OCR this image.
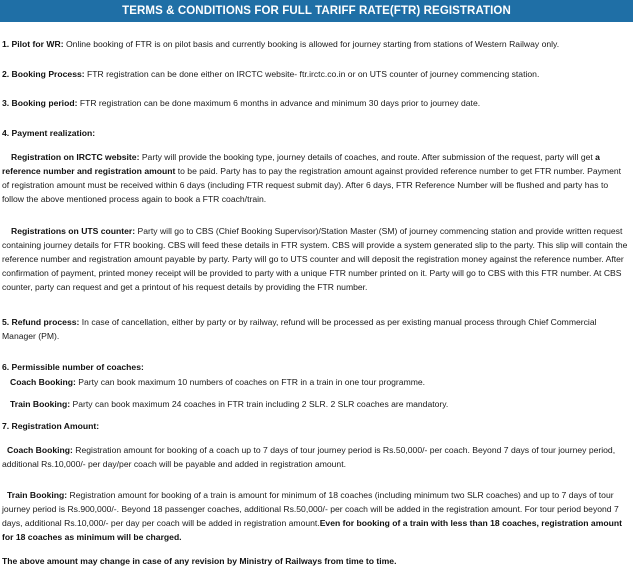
TERMS & CONDITIONS FOR FULL TARIFF RATE(FTR) REGISTRATION

1. Pilot for WR: Online booking of FTR is on pilot basis and currently booking is allowed for journey starting from stations of Western Railway only.

2. Booking Process: FTR registration can be done either on IRCTC website- ftr.irctc.co.in or on UTS counter of journey commencing station.

3. Booking period: FTR registration can be done maximum 6 months in advance and minimum 30 days prior to journey date.

4. Payment realization:

Registration on IRCTC website: Party will provide the booking type, journey details of coaches, and route. After submission of the request, party will get a reference number and registration amount to be paid. Party has to pay the registration amount against provided reference number to get FTR number. Payment of registration amount must be received within 6 days (including FTR request submit day). After 6 days, FTR Reference Number will be flushed and party has to follow the above mentioned process again to book a FTR coach/train.

Registrations on UTS counter: Party will go to CBS (Chief Booking Supervisor)/Station Master (SM) of journey commencing station and provide written request containing journey details for FTR booking. CBS will feed these details in FTR system. CBS will provide a system generated slip to the party. This slip will contain the reference number and registration amount payable by party. Party will go to UTS counter and will deposit the registration money against the reference number. After confirmation of payment, printed money receipt will be provided to party with a unique FTR number printed on it. Party will go to CBS with this FTR number. At CBS counter, party can request and get a printout of his request details by providing the FTR number.

5. Refund process: In case of cancellation, either by party or by railway, refund will be processed as per existing manual process through Chief Commercial Manager (PM).

6. Permissible number of coaches:

Coach Booking: Party can book maximum 10 numbers of coaches on FTR in a train in one tour programme.

Train Booking: Party can book maximum 24 coaches in FTR train including 2 SLR. 2 SLR coaches are mandatory.

7. Registration Amount:

Coach Booking: Registration amount for booking of a coach up to 7 days of tour journey period is Rs.50,000/- per coach. Beyond 7 days of tour journey period, additional Rs.10,000/- per day/per coach will be payable and added in registration amount.

Train Booking: Registration amount for booking of a train is amount for minimum of 18 coaches (including minimum two SLR coaches) and up to 7 days of tour journey period is Rs.900,000/-. Beyond 18 passenger coaches, additional Rs.50,000/- per coach will be added in the registration amount. For tour period beyond 7 days, additional Rs.10,000/- per day per coach will be added in registration amount.Even for booking of a train with less than 18 coaches, registration amount for 18 coaches as minimum will be charged.

The above amount may change in case of any revision by Ministry of Railways from time to time.
